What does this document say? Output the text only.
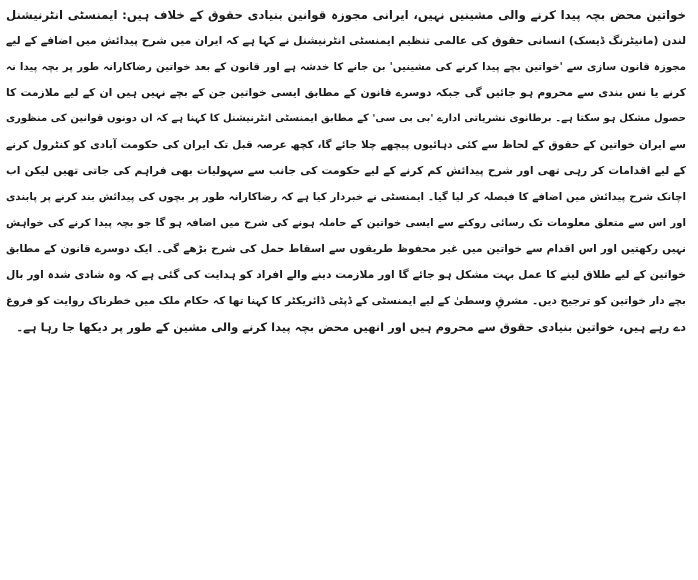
خواتین محض بچہ پیدا کرنے والی مشینیں نہیں، ایرانی مجوزہ قوانین بنیادی حقوق کے خلاف ہیں: ایمنسٹی انٹرنیشنل
لندن (مانیٹرنگ ڈیسک) انسانی حقوق کی عالمی تنظیم ایمنسٹی انٹرنیشنل نے کہا ہے کہ ایران میں شرح پیدائش میں اضافے کے لیے
مجوزہ قانون سازی سے 'خواتین بچے پیدا کرنے کی مشینیں' بن جانے کا خدشہ ہے اور قانون کے بعد خواتین رضاکارانہ طور پر بچہ پیدا نہ
کرنے یا نس بندی سے محروم ہو جائیں گی جبکہ دوسرے قانون کے مطابق ایسی خواتین جن کے بچے نہیں ہیں ان کے لیے ملازمت کا
حصول مشکل ہو سکتا ہے۔ برطانوی نشریاتی ادارے 'بی بی سی' کے مطابق ایمنسٹی انٹرنیشنل کا کہنا ہے کہ ان دونوں قوانین کی منظوری
سے ایران خواتین کے حقوق کے لحاظ سے کئی دہائیوں پیچھے چلا جائے گا، کچھ عرصہ قبل تک ایران کی حکومت آبادی کو کنٹرول کرنے
کے لیے اقدامات کر رہی تھی اور شرح پیدائش کم کرنے کے لیے حکومت کی جانب سے سہولیات بھی فراہم کی جاتی تھیں لیکن اب
اچانک شرح پیدائش میں اضافے کا فیصلہ کر لیا گیا۔ ایمنسٹی نے خبردار کیا ہے کہ رضاکارانہ طور پر بچوں کی پیدائش بند کرنے پر پابندی
اور اس سے متعلق معلومات تک رسائی روکنے سے ایسی خواتین کے حاملہ ہونے کی شرح میں اضافہ ہو گا جو بچہ پیدا کرنے کی خواہش
نہیں رکھتیں اور اس اقدام سے خواتین میں غیر محفوظ طریقوں سے اسقاط حمل کی شرح بڑھے گی۔ ایک دوسرے قانون کے مطابق
خواتین کے لیے طلاق لینے کا عمل بہت مشکل ہو جائے گا اور ملازمت دینے والے افراد کو ہدایت کی گئی ہے کہ وہ شادی شدہ اور بال
بچے دار خواتین کو ترجیح دیں۔ مشرقِ وسطیٰ کے لیے ایمنسٹی کے ڈپٹی ڈائریکٹر کا کہنا تھا کہ حکام ملک میں خطرناک روایت کو فروغ
دے رہے ہیں، خواتین بنیادی حقوق سے محروم ہیں اور انھیں محض بچہ پیدا کرنے والی مشین کے طور پر دیکھا جا رہا ہے۔
